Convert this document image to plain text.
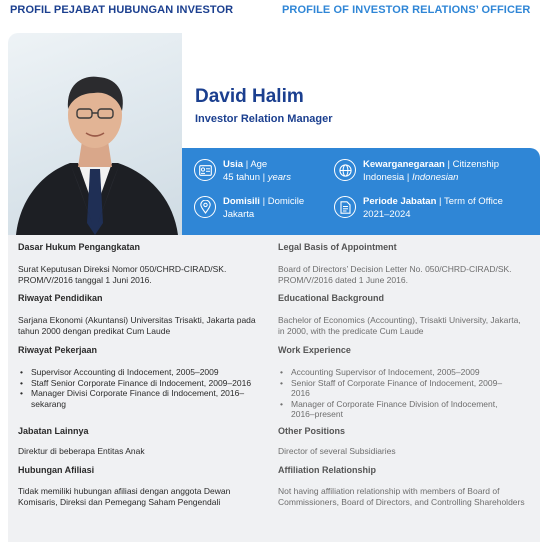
PROFIL PEJABAT HUBUNGAN INVESTOR	PROFILE OF INVESTOR RELATIONS’ OFFICER
David Halim
Investor Relation Manager
Usia | Age
45 tahun | years
Kewarganegaraan | Citizenship
Indonesia | Indonesian
Domisili | Domicile
Jakarta
Periode Jabatan | Term of Office
2021–2024
Dasar Hukum Pengangkatan
Surat Keputusan Direksi Nomor 050/CHRD-CIRAD/SK. PROM/V/2016 tanggal 1 Juni 2016.
Riwayat Pendidikan
Sarjana Ekonomi (Akuntansi) Universitas Trisakti, Jakarta pada tahun 2000 dengan predikat Cum Laude
Riwayat Pekerjaan
• Supervisor Accounting di Indocement, 2005–2009
• Staff Senior Corporate Finance di Indocement, 2009–2016
• Manager Divisi Corporate Finance di Indocement, 2016–sekarang
Jabatan Lainnya
Direktur di beberapa Entitas Anak
Hubungan Afiliasi
Tidak memiliki hubungan afiliasi dengan anggota Dewan Komisaris, Direksi dan Pemegang Saham Pengendali
Legal Basis of Appointment
Board of Directors’ Decision Letter No. 050/CHRD-CIRAD/SK. PROM/V/2016 dated 1 June 2016.
Educational Background
Bachelor of Economics (Accounting), Trisakti University, Jakarta, in 2000, with the predicate Cum Laude
Work Experience
• Accounting Supervisor of Indocement, 2005–2009
• Senior Staff of Corporate Finance of Indocement, 2009–2016
• Manager of Corporate Finance Division of Indocement, 2016–present
Other Positions
Director of several Subsidiaries
Affiliation Relationship
Not having affiliation relationship with members of Board of Commissioners, Board of Directors, and Controlling Shareholders
